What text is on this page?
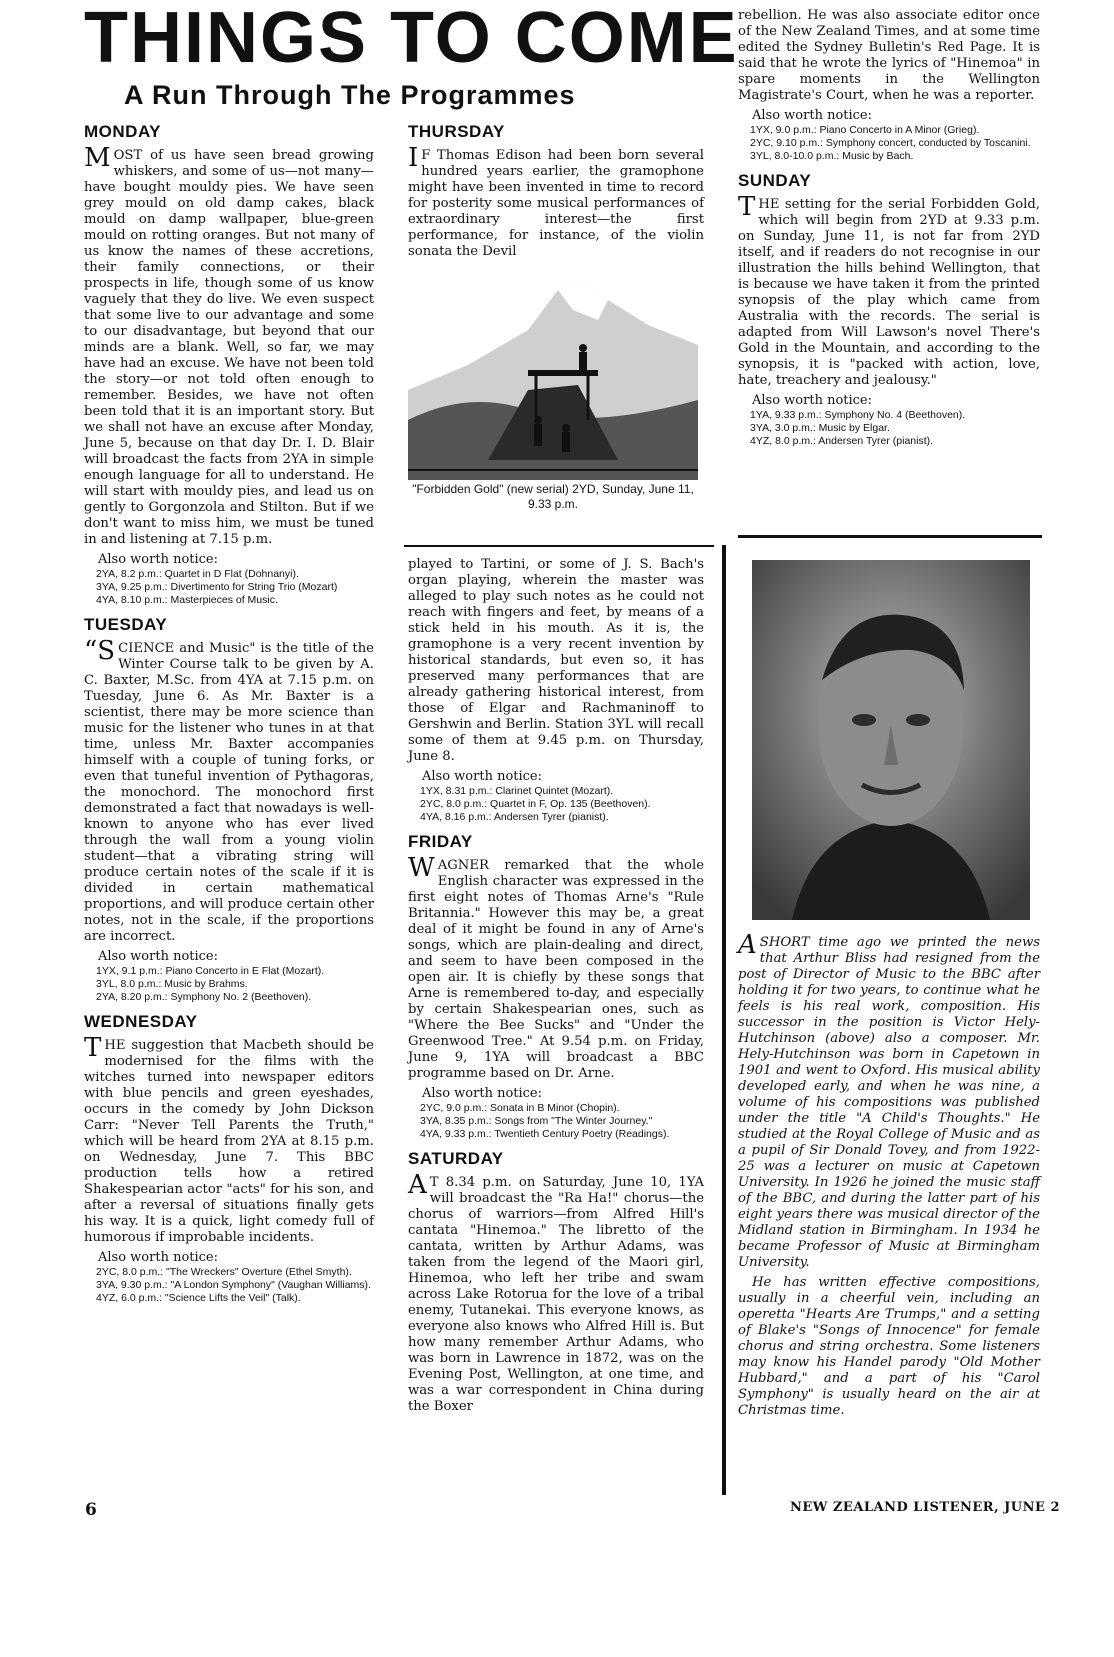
THINGS TO COME
A Run Through The Programmes
MONDAY

MOST of us have seen bread growing whiskers, and some of us—not many—have bought mouldy pies. We have seen grey mould on old damp cakes, black mould on damp wallpaper, blue-green mould on rotting oranges. But not many of us know the names of these accretions, their family connections, or their prospects in life, though some of us know vaguely that they do live. We even suspect that some live to our advantage and some to our disadvantage, but beyond that our minds are a blank. Well, so far, we may have had an excuse. We have not been told the story—or not told often enough to remember. Besides, we have not often been told that it is an important story. But we shall not have an excuse after Monday, June 5, because on that day Dr. I. D. Blair will broadcast the facts from 2YA in simple enough language for all to understand. He will start with mouldy pies, and lead us on gently to Gorgonzola and Stilton. But if we don't want to miss him, we must be tuned in and listening at 7.15 p.m.

Also worth notice:
2YA, 8.2 p.m.: Quartet in D Flat (Dohnanyi).
3YA, 9.25 p.m.: Divertimento for String Trio (Mozart)
4YA, 8.10 p.m.: Masterpieces of Music.
TUESDAY

“SCIENCE and Music" is the title of the Winter Course talk to be given by A. C. Baxter, M.Sc. from 4YA at 7.15 p.m. on Tuesday, June 6. As Mr. Baxter is a scientist, there may be more science than music for the listener who tunes in at that time, unless Mr. Baxter accompanies himself with a couple of tuning forks, or even that tuneful invention of Pythagoras, the monochord. The monochord first demonstrated a fact that nowadays is well-known to anyone who has ever lived through the wall from a young violin student—that a vibrating string will produce certain notes of the scale if it is divided in certain mathematical proportions, and will produce certain other notes, not in the scale, if the proportions are incorrect.

Also worth notice:
1YX, 9.1 p.m.: Piano Concerto in E Flat (Mozart).
3YL, 8.0 p.m.: Music by Brahms.
2YA, 8.20 p.m.: Symphony No. 2 (Beethoven).
WEDNESDAY

THE suggestion that Macbeth should be modernised for the films with the witches turned into newspaper editors with blue pencils and green eyeshades, occurs in the comedy by John Dickson Carr: "Never Tell Parents the Truth," which will be heard from 2YA at 8.15 p.m. on Wednesday, June 7. This BBC production tells how a retired Shakespearian actor "acts" for his son, and after a reversal of situations finally gets his way. It is a quick, light comedy full of humorous if improbable incidents.

Also worth notice:
2YC, 8.0 p.m.: "The Wreckers" Overture (Ethel Smyth).
3YA, 9.30 p.m.: "A London Symphony" (Vaughan Williams).
4YZ, 6.0 p.m.: "Science Lifts the Veil" (Talk).
THURSDAY

I F Thomas Edison had been born several hundred years earlier, the gramophone might have been invented in time to record for posterity some musical performances of extraordinary interest—the first performance, for instance, of the violin sonata the Devil

"Forbidden Gold" (new serial) 2YD, Sunday, June 11, 9.33 p.m.

played to Tartini, or some of J. S. Bach's organ playing, wherein the master was alleged to play such notes as he could not reach with fingers and feet, by means of a stick held in his mouth. As it is, the gramophone is a very recent invention by historical standards, but even so, it has preserved many performances that are already gathering historical interest, from those of Elgar and Rachmaninoff to Gershwin and Berlin. Station 3YL will recall some of them at 9.45 p.m. on Thursday, June 8.

Also worth notice:
1YX, 8.31 p.m.: Clarinet Quintet (Mozart).
2YC, 8.0 p.m.: Quartet in F, Op. 135 (Beethoven).
4YA, 8.16 p.m.: Andersen Tyrer (pianist).
FRIDAY

WAGNER remarked that the whole English character was expressed in the first eight notes of Thomas Arne's "Rule Britannia." However this may be, a great deal of it might be found in any of Arne's songs, which are plain-dealing and direct, and seem to have been composed in the open air. It is chiefly by these songs that Arne is remembered to-day, and especially by certain Shakespearian ones, such as "Where the Bee Sucks" and "Under the Greenwood Tree." At 9.54 p.m. on Friday, June 9, 1YA will broadcast a BBC programme based on Dr. Arne.

Also worth notice:
2YC, 9.0 p.m.: Sonata in B Minor (Chopin).
3YA, 8.35 p.m.: Songs from "The Winter Journey."
4YA, 9.33 p.m.: Twentieth Century Poetry (Readings).
SATURDAY

A T 8.34 p.m. on Saturday, June 10, 1YA will broadcast the "Ra Ha!" chorus—the chorus of warriors—from Alfred Hill's cantata "Hinemoa." The libretto of the cantata, written by Arthur Adams, was taken from the legend of the Maori girl, Hinemoa, who left her tribe and swam across Lake Rotorua for the love of a tribal enemy, Tutanekai. This everyone knows, as everyone also knows who Alfred Hill is. But how many remember Arthur Adams, who was born in Lawrence in 1872, was on the Evening Post, Wellington, at one time, and was a war correspondent in China during the Boxer

rebellion. He was also associate editor once of the New Zealand Times, and at some time edited the Sydney Bulletin's Red Page. It is said that he wrote the lyrics of "Hinemoa" in spare moments in the Wellington Magistrate's Court, when he was a reporter.

Also worth notice:
1YX, 9.0 p.m.: Piano Concerto in A Minor (Grieg).
2YC, 9.10 p.m.: Symphony concert, conducted by Toscanini.
3YL, 8.0-10.0 p.m.: Music by Bach.
SUNDAY

THE setting for the serial Forbidden Gold, which will begin from 2YD at 9.33 p.m. on Sunday, June 11, is not far from 2YD itself, and if readers do not recognise in our illustration the hills behind Wellington, that is because we have taken it from the printed synopsis of the play which came from Australia with the records. The serial is adapted from Will Lawson's novel There's Gold in the Mountain, and according to the synopsis, it is "packed with action, love, hate, treachery and jealousy."

Also worth notice:
1YA, 9.33 p.m.: Symphony No. 4 (Beethoven).
3YA, 3.0 p.m.: Music by Elgar.
4YZ, 8.0 p.m.: Andersen Tyrer (pianist).

ASHORT time ago we printed the news that Arthur Bliss had resigned from the post of Director of Music to the BBC after holding it for two years, to continue what he feels is his real work, composition. His successor in the position is Victor Hely-Hutchinson (above) also a composer. Mr. Hely-Hutchinson was born in Capetown in 1901 and went to Oxford. His musical ability developed early, and when he was nine, a volume of his compositions was published under the title "A Child's Thoughts." He studied at the Royal College of Music and as a pupil of Sir Donald Tovey, and from 1922-25 was a lecturer on music at Capetown University. In 1926 he joined the music staff of the BBC, and during the latter part of his eight years there was musical director of the Midland station in Birmingham. In 1934 he became Professor of Music at Birmingham University.

He has written effective compositions, usually in a cheerful vein, including an operetta "Hearts Are Trumps," and a setting of Blake's "Songs of Innocence" for female chorus and string orchestra. Some listeners may know his Handel parody "Old Mother Hubbard," and a part of his "Carol Symphony" is usually heard on the air at Christmas time.

6	NEW ZEALAND LISTENER, JUNE 2
